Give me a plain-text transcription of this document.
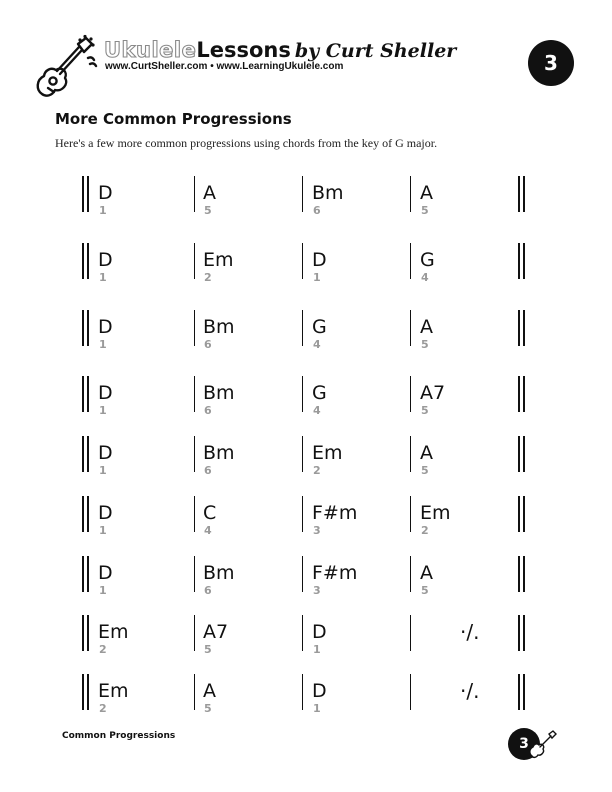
UkuleleLessons by Curt Sheller
www.CurtSheller.com • www.LearningUkulele.com	3
More Common Progressions
Here's a few more common progressions using chords from the key of G major.
D
1
A
5
Bm
6
A
5
D
1
Em
2
D
1
G
4
D
1
Bm
6
G
4
A
5
D
1
Bm
6
G
4
A7
5
D
1
Bm
6
Em
2
A
5
D
1
C
4
F#m
3
Em
2
D
1
Bm
6
F#m
3
A
5
Em
2
A7
5
D
1
·/.
Em
2
A
5
D
1
·/.
Common Progressions	3
